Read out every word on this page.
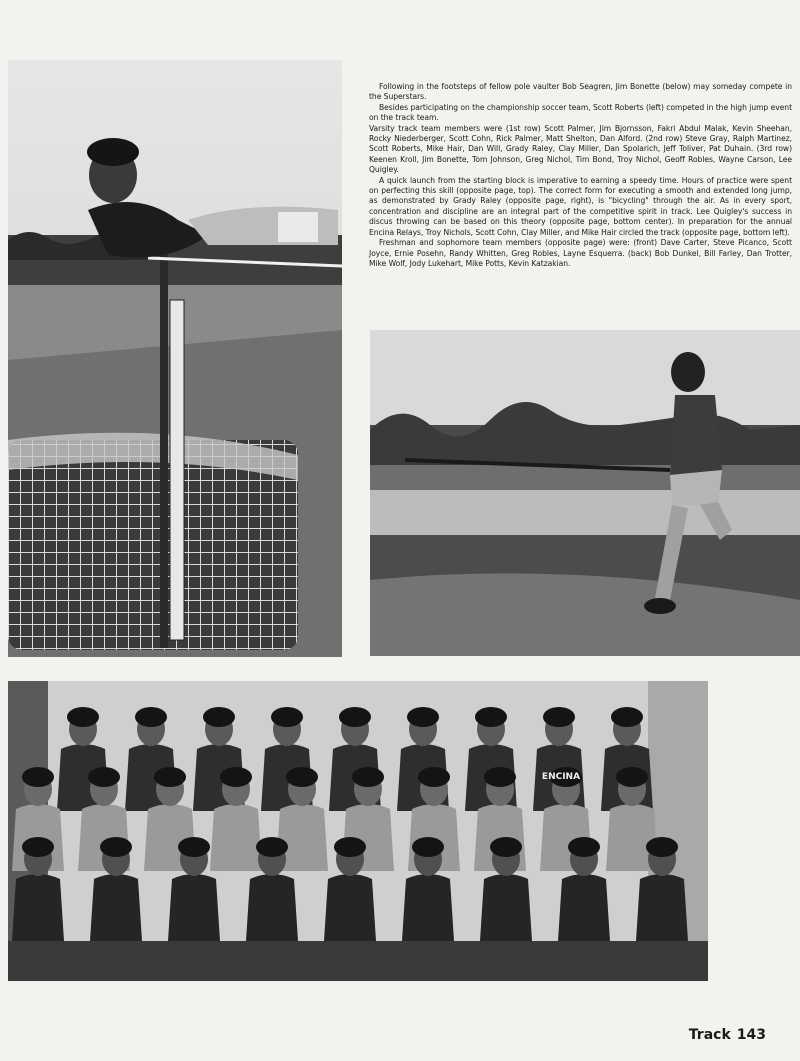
Following in the footsteps of fellow pole vaulter Bob Seagren, Jim Bonette (below) may someday compete in the Superstars.

Besides participating on the championship soccer team, Scott Roberts (left) competed in the high jump event on the track team.

Varsity track team members were (1st row) Scott Palmer, Jim Bjornsson, Fakri Abdul Malak, Kevin Sheehan, Rocky Niederberger, Scott Cohn, Rick Palmer, Matt Shelton, Dan Alford. (2nd row) Steve Gray, Ralph Martinez, Scott Roberts, Mike Hair, Dan Will, Grady Raley, Clay Miller, Dan Spolarich, Jeff Toliver, Pat Duhain. (3rd row) Keenen Kroll, Jim Bonette, Tom Johnson, Greg Nichol, Tim Bond, Troy Nichol, Geoff Robles, Wayne Carson, Lee Quigley.

A quick launch from the starting block is imperative to earning a speedy time. Hours of practice were spent on perfecting this skill (opposite page, top). The correct form for executing a smooth and extended long jump, as demonstrated by Grady Raley (opposite page, right), is "bicycling" through the air. As in every sport, concentration and discipline are an integral part of the competitive spirit in track. Lee Quigley's success in discus throwing can be based on this theory (opposite page, bottom center). In preparation for the annual Encina Relays, Troy Nichols, Scott Cohn, Clay Miller, and Mike Hair circled the track (opposite page, bottom left).

Freshman and sophomore team members (opposite page) were: (front) Dave Carter, Steve Picanco, Scott Joyce, Ernie Posehn, Randy Whitten, Greg Robles, Layne Esquerra. (back) Bob Dunkel, Bill Farley, Dan Trotter, Mike Wolf, Jody Lukehart, Mike Potts, Kevin Katzakian.

ENCINA
Track 143
